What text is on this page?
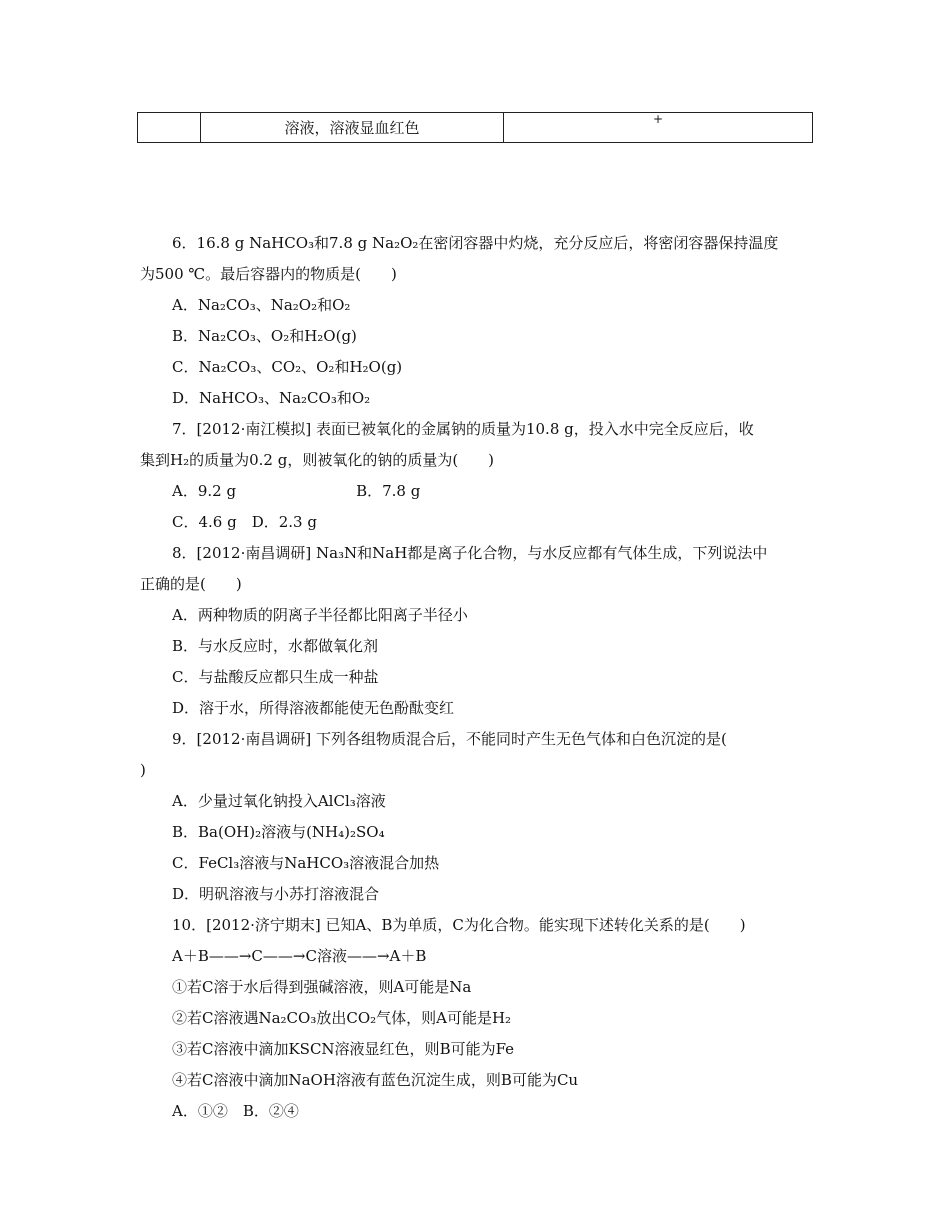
	溶液，溶液显血红色	+
6．16.8 g NaHCO₃和7.8 g Na₂O₂在密闭容器中灼烧，充分反应后，将密闭容器保持温度
为500 ℃。最后容器内的物质是(　　)
A．Na₂CO₃、Na₂O₂和O₂
B．Na₂CO₃、O₂和H₂O(g)
C．Na₂CO₃、CO₂、O₂和H₂O(g)
D．NaHCO₃、Na₂CO₃和O₂
7．[2012·南江模拟] 表面已被氧化的金属钠的质量为10.8 g，投入水中完全反应后，收
集到H₂的质量为0.2 g，则被氧化的钠的质量为(　　)
A．9.2 g	B．7.8 g
C．4.6 g　D．2.3 g
8．[2012·南昌调研] Na₃N和NaH都是离子化合物，与水反应都有气体生成，下列说法中
正确的是(　　)
A．两种物质的阴离子半径都比阳离子半径小
B．与水反应时，水都做氧化剂
C．与盐酸反应都只生成一种盐
D．溶于水，所得溶液都能使无色酚酞变红
9．[2012·南昌调研] 下列各组物质混合后，不能同时产生无色气体和白色沉淀的是(
)
A．少量过氧化钠投入AlCl₃溶液
B．Ba(OH)₂溶液与(NH₄)₂SO₄
C．FeCl₃溶液与NaHCO₃溶液混合加热
D．明矾溶液与小苏打溶液混合
10．[2012·济宁期末] 已知A、B为单质，C为化合物。能实现下述转化关系的是(　　)
A＋B——→C——→C溶液——→A＋B
①若C溶于水后得到强碱溶液，则A可能是Na
②若C溶液遇Na₂CO₃放出CO₂气体，则A可能是H₂
③若C溶液中滴加KSCN溶液显红色，则B可能为Fe
④若C溶液中滴加NaOH溶液有蓝色沉淀生成，则B可能为Cu
A．①②　B．②④
